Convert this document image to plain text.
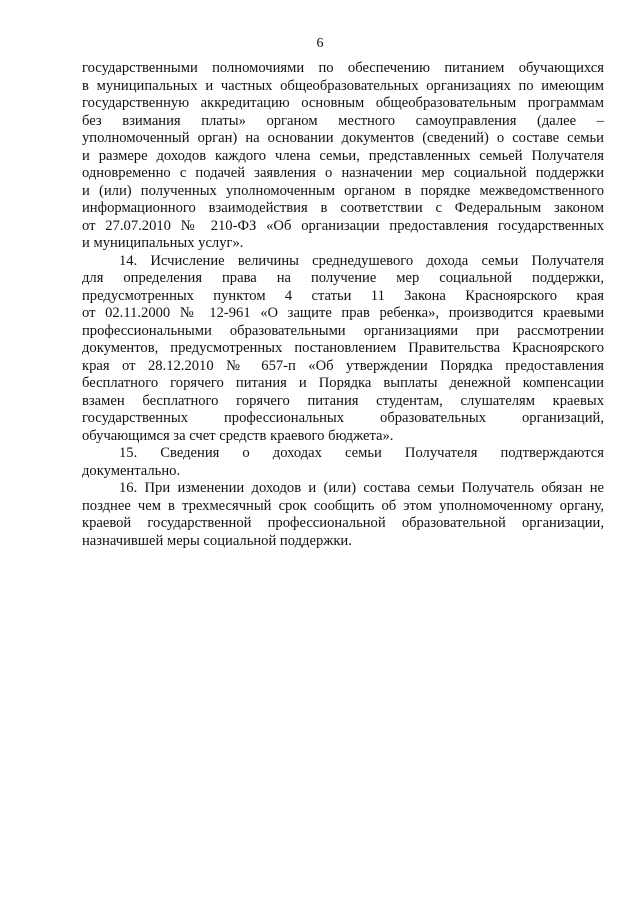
6
государственными полномочиями по обеспечению питанием обучающихся
в муниципальных и частных общеобразовательных организациях по имеющим
государственную аккредитацию основным общеобразовательным программам
без взимания платы» органом местного самоуправления (далее –
уполномоченный орган) на основании документов (сведений) о составе семьи
и размере доходов каждого члена семьи, представленных семьей Получателя
одновременно с подачей заявления о назначении мер социальной поддержки
и (или) полученных уполномоченным органом в порядке межведомственного
информационного взаимодействия в соответствии с Федеральным законом
от 27.07.2010 № 210-ФЗ «Об организации предоставления государственных
и муниципальных услуг».
14. Исчисление величины среднедушевого дохода семьи Получателя
для определения права на получение мер социальной поддержки,
предусмотренных пунктом 4 статьи 11 Закона Красноярского края
от 02.11.2000 № 12-961 «О защите прав ребенка», производится краевыми
профессиональными образовательными организациями при рассмотрении
документов, предусмотренных постановлением Правительства Красноярского
края от 28.12.2010 № 657-п «Об утверждении Порядка предоставления
бесплатного горячего питания и Порядка выплаты денежной компенсации
взамен бесплатного горячего питания студентам, слушателям краевых
государственных профессиональных образовательных организаций,
обучающимся за счет средств краевого бюджета».
15. Сведения о доходах семьи Получателя подтверждаются
документально.
16. При изменении доходов и (или) состава семьи Получатель обязан не
позднее чем в трехмесячный срок сообщить об этом уполномоченному органу,
краевой государственной профессиональной образовательной организации,
назначившей меры социальной поддержки.
